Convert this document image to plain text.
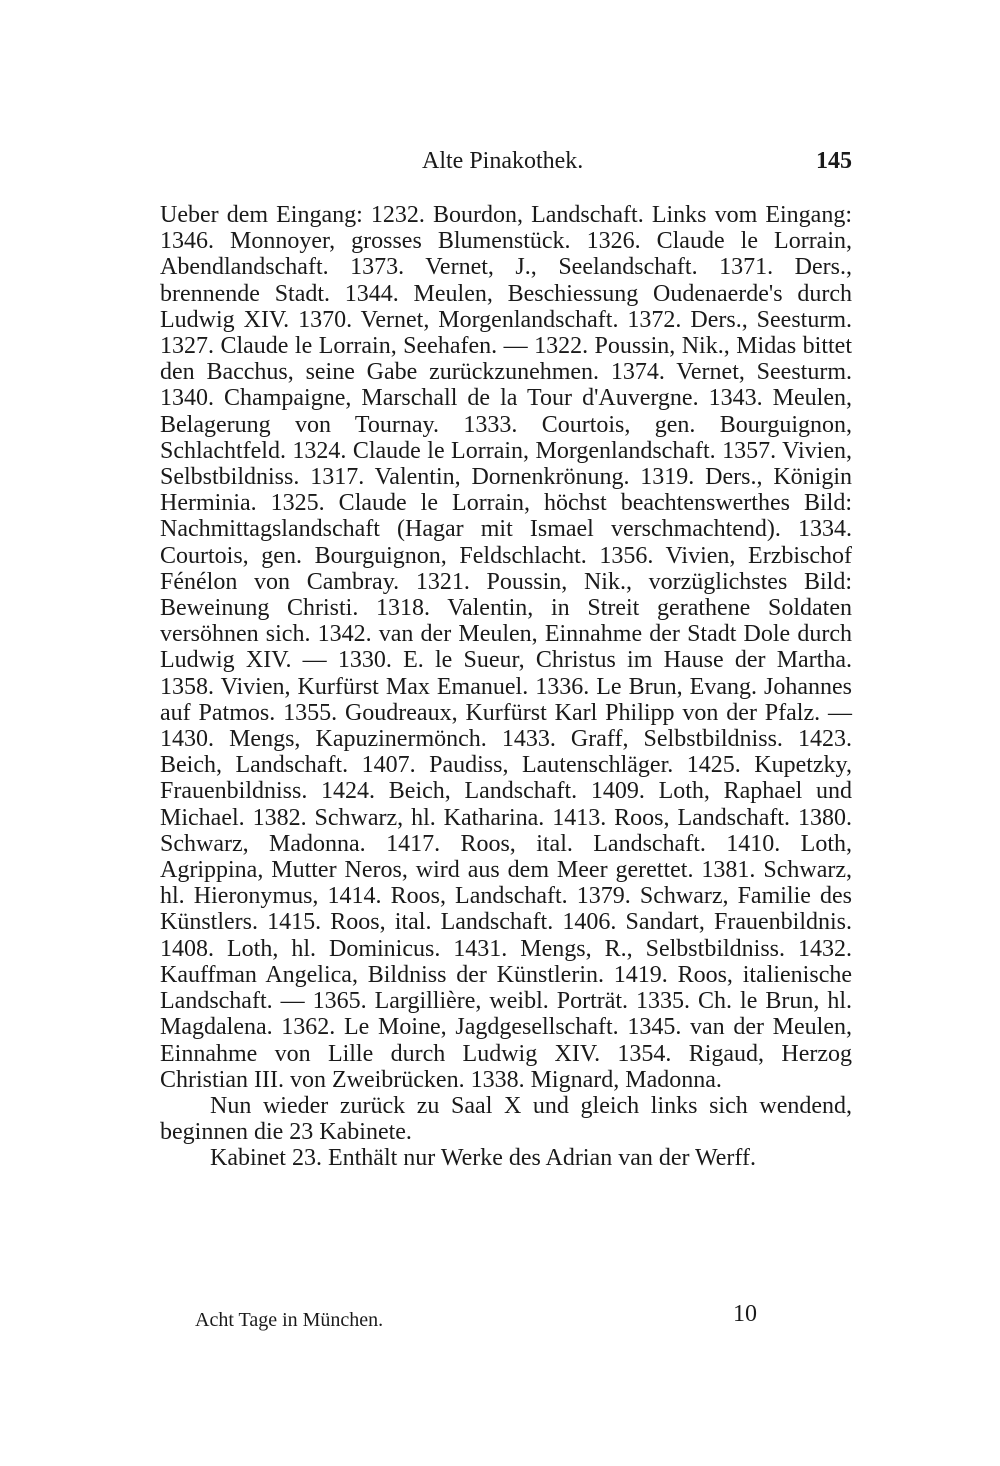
Alte Pinakothek.	145

Ueber dem Eingang: 1232. Bourdon, Landschaft. Links vom Eingang: 1346. Monnoyer, grosses Blumenstück. 1326. Claude le Lorrain, Abendlandschaft. 1373. Vernet, J., Seelandschaft. 1371. Ders., brennende Stadt. 1344. Meulen, Beschiessung Oudenaerde's durch Ludwig XIV. 1370. Vernet, Morgenlandschaft. 1372. Ders., Seesturm. 1327. Claude le Lorrain, Seehafen. — 1322. Poussin, Nik., Midas bittet den Bacchus, seine Gabe zurückzunehmen. 1374. Vernet, Seesturm. 1340. Champaigne, Marschall de la Tour d'Auvergne. 1343. Meulen, Belagerung von Tournay. 1333. Courtois, gen. Bourguignon, Schlachtfeld. 1324. Claude le Lorrain, Morgenlandschaft. 1357. Vivien, Selbstbildniss. 1317. Valentin, Dornenkrönung. 1319. Ders., Königin Herminia. 1325. Claude le Lorrain, höchst beachtenswerthes Bild: Nachmittagslandschaft (Hagar mit Ismael verschmachtend). 1334. Courtois, gen. Bourguignon, Feldschlacht. 1356. Vivien, Erzbischof Fénélon von Cambray. 1321. Poussin, Nik., vorzüglichstes Bild: Beweinung Christi. 1318. Valentin, in Streit gerathene Soldaten versöhnen sich. 1342. van der Meulen, Einnahme der Stadt Dole durch Ludwig XIV. — 1330. E. le Sueur, Christus im Hause der Martha. 1358. Vivien, Kurfürst Max Emanuel. 1336. Le Brun, Evang. Johannes auf Patmos. 1355. Goudreaux, Kurfürst Karl Philipp von der Pfalz. — 1430. Mengs, Kapuzinermönch. 1433. Graff, Selbstbildniss. 1423. Beich, Landschaft. 1407. Paudiss, Lautenschläger. 1425. Kupetzky, Frauenbildniss. 1424. Beich, Landschaft. 1409. Loth, Raphael und Michael. 1382. Schwarz, hl. Katharina. 1413. Roos, Landschaft. 1380. Schwarz, Madonna. 1417. Roos, ital. Landschaft. 1410. Loth, Agrippina, Mutter Neros, wird aus dem Meer gerettet. 1381. Schwarz, hl. Hieronymus, 1414. Roos, Landschaft. 1379. Schwarz, Familie des Künstlers. 1415. Roos, ital. Landschaft. 1406. Sandart, Frauenbildnis. 1408. Loth, hl. Dominicus. 1431. Mengs, R., Selbstbildniss. 1432. Kauffman Angelica, Bildniss der Künstlerin. 1419. Roos, italienische Landschaft. — 1365. Largillière, weibl. Porträt. 1335. Ch. le Brun, hl. Magdalena. 1362. Le Moine, Jagdgesellschaft. 1345. van der Meulen, Einnahme von Lille durch Ludwig XIV. 1354. Rigaud, Herzog Christian III. von Zweibrücken. 1338. Mignard, Madonna.

Nun wieder zurück zu Saal X und gleich links sich wendend, beginnen die 23 Kabinete.

Kabinet 23. Enthält nur Werke des Adrian van der Werff.

Acht Tage in München.	10
